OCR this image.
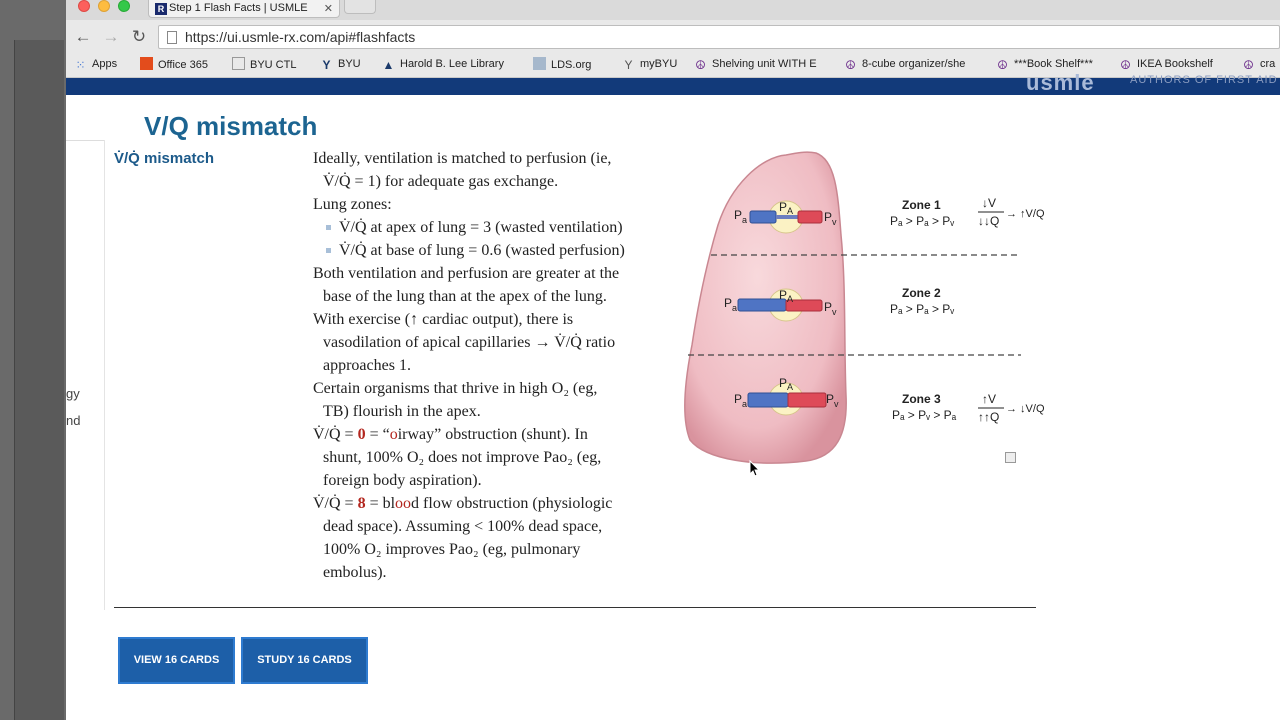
R Step 1 Flash Facts | USMLE ✕
← → ↻	https://ui.usmle-rx.com/api#flashfacts
⁙ Apps	Office 365	BYU CTL Y BYU ▲ Harold B. Lee Library	LDS.org	Y myBYU ☮ Shelving unit WITH E ☮ 8-cube organizer/she	☮ ***Book Shelf*** ☮ IKEA Bookshelf	☮ cra
usmle	AUTHORS OF FIRST AID
gy
nd
V/Q mismatch
V̇/Q̇ mismatch	Ideally, ventilation is matched to perfusion (ie,
V̇/Q̇ = 1) for adequate gas exchange.
Lung zones:
V̇/Q̇ at apex of lung = 3 (wasted ventilation)
V̇/Q̇ at base of lung = 0.6 (wasted perfusion)
Both ventilation and perfusion are greater at the
base of the lung than at the apex of the lung.
With exercise (↑ cardiac output), there is
vasodilation of apical capillaries → V̇/Q̇ ratio
approaches 1.
Certain organisms that thrive in high O₂ (eg,
TB) flourish in the apex.
V̇/Q̇ = 0 = “oirway” obstruction (shunt). In
shunt, 100% O₂ does not improve Pao₂ (eg,
foreign body aspiration).
V̇/Q̇ = 8 = blood flow obstruction (physiologic
dead space). Assuming < 100% dead space,
100% O₂ improves Pao₂ (eg, pulmonary
embolus).
P a
P A	P v
P a
P A
P v
P a
P A
P v
Zone 1
Pₐ > Pₐ > Pᵥ
↓V
↓↓Q → ↑V/Q
Zone 2
Pₐ > Pₐ > Pᵥ
Zone 3
Pₐ > Pᵥ > Pₐ
↑V
↑↑Q
→ ↓V/Q
VIEW 16 CARDS	STUDY 16 CARDS
